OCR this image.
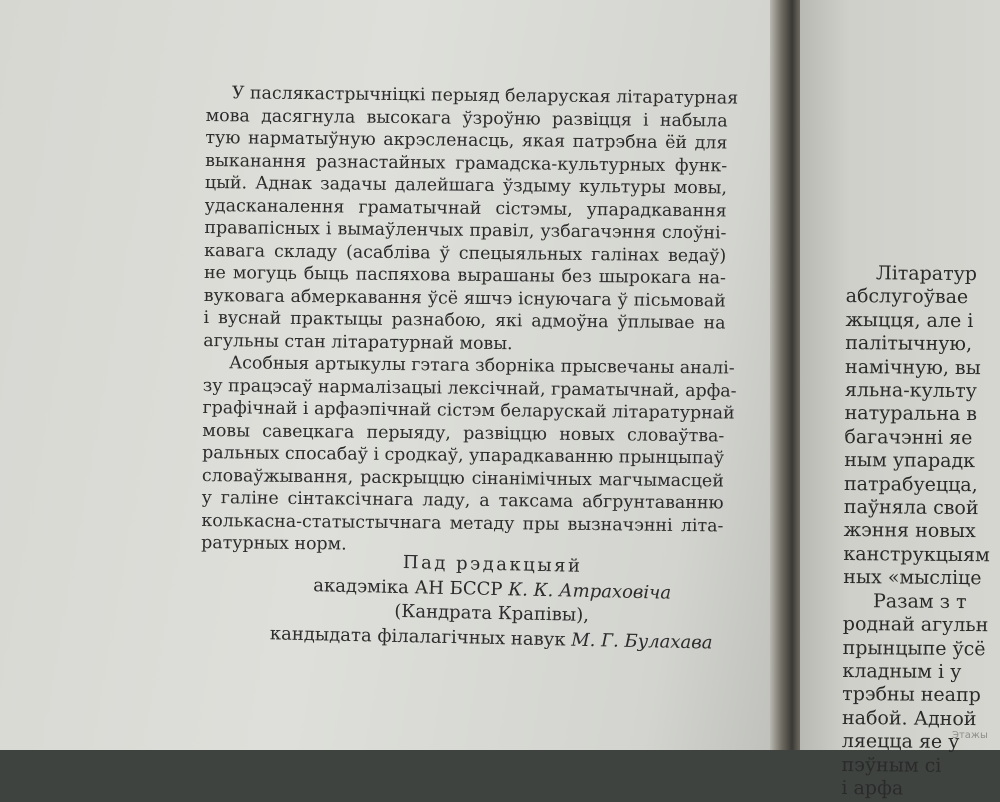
У паслякастрычніцкі перыяд беларуская літаратурная
мова дасягнула высокага ўзроўню развіцця і набыла
тую нарматыўную акрэсленасць, якая патрэбна ёй для
выканання разнастайных грамадска-культурных функ-
цый. Аднак задачы далейшага ўздыму культуры мовы,
удасканалення граматычнай сістэмы, упарадкавання
правапісных і вымаўленчых правіл, узбагачэння слоўні-
кавага складу (асабліва ў спецыяльных галінах ведаў)
не могуць быць паспяхова вырашаны без шырокага на-
вуковага абмеркавання ўсё яшчэ існуючага ў пісьмовай
і вуснай практыцы разнабою, які адмоўна ўплывае на
агульны стан літаратурнай мовы.
Асобныя артыкулы гэтага зборніка прысвечаны аналі-
зу працэсаў нармалізацыі лексічнай, граматычнай, арфа-
графічнай і арфаэпічнай сістэм беларускай літаратурнай
мовы савецкага перыяду, развіццю новых словаўтва-
ральных спосабаў і сродкаў, упарадкаванню прынцыпаў
словаўжывання, раскрыццю сінанімічных магчымасцей
у галіне сінтаксічнага ладу, а таксама абгрунтаванню
колькасна-статыстычнага метаду пры вызначэнні літа-
ратурных норм.
Пад рэдакцыяй
акадэміка АН БССР К. К. Атраховіча
(Кандрата Крапівы),
кандыдата філалагічных навук М. Г. Булахава
Літаратур
абслугоўвае
жыцця, але і
палітычную,
намічную, вы
яльна-культу
натуральна в
багачэнні яе
ным упарадк
патрабуецца,
паўняла свой
жэння новых
канструкцыям
ных «мысліце
Разам з т
роднай агульн
прынцыпе ўсё
кладным і у
трэбны неапр
набой. Адной
ляецца яе у
пэўным сі
і арфа
Этажы
